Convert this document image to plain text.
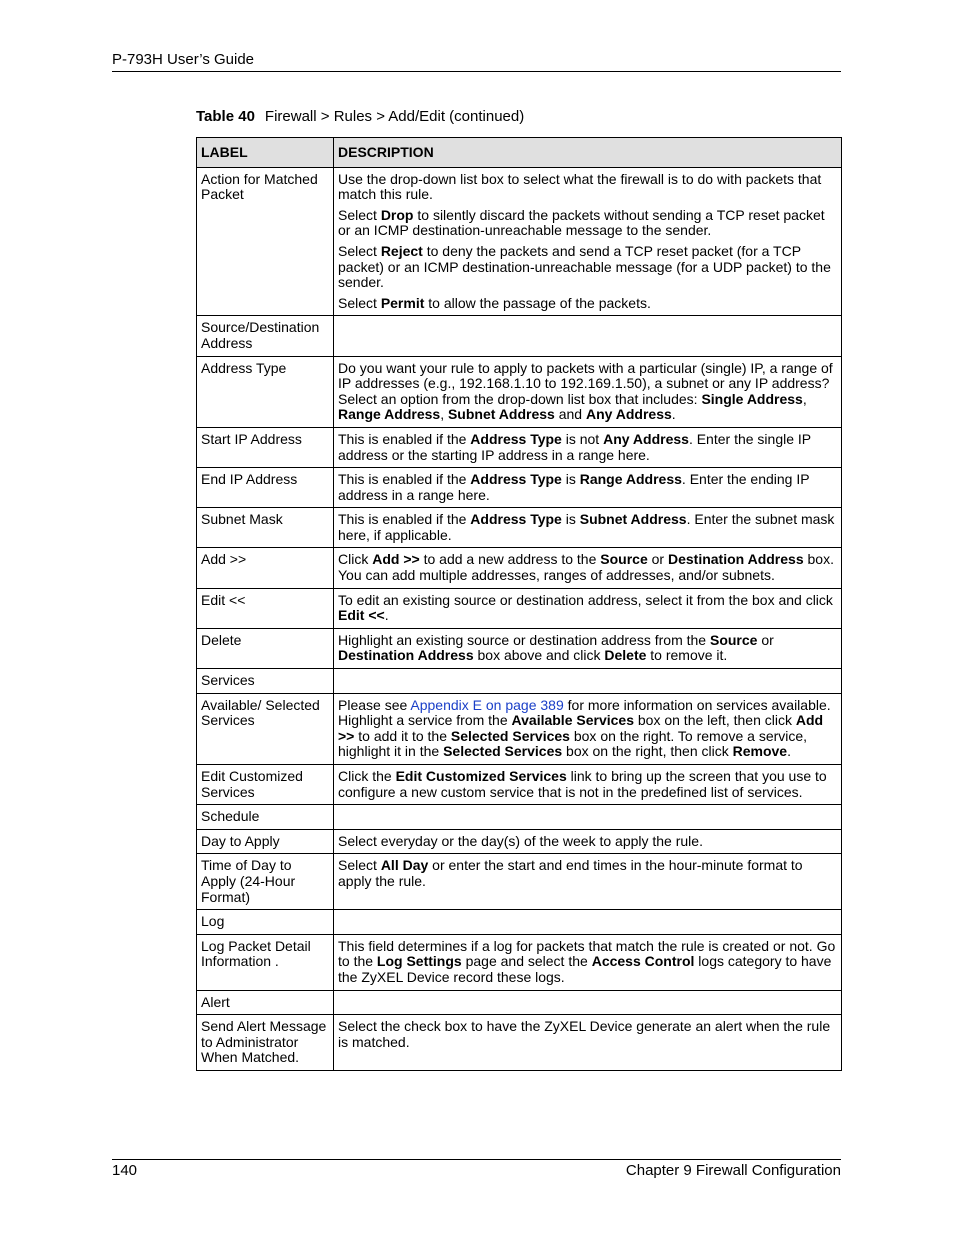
P-793H User’s Guide
Table 40 Firewall > Rules > Add/Edit (continued)
LABEL	DESCRIPTION
Action for Matched Packet	Use the drop-down list box to select what the firewall is to do with packets that match this rule.

Select Drop to silently discard the packets without sending a TCP reset packet or an ICMP destination-unreachable message to the sender.

Select Reject to deny the packets and send a TCP reset packet (for a TCP packet) or an ICMP destination-unreachable message (for a UDP packet) to the sender.

Select Permit to allow the passage of the packets.

Source/Destination Address	
Address Type	Do you want your rule to apply to packets with a particular (single) IP, a range of IP addresses (e.g., 192.168.1.10 to 192.169.1.50), a subnet or any IP address? Select an option from the drop-down list box that includes: Single Address, Range Address, Subnet Address and Any Address.

Start IP Address	This is enabled if the Address Type is not Any Address. Enter the single IP address or the starting IP address in a range here.

End IP Address	This is enabled if the Address Type is Range Address. Enter the ending IP address in a range here.

Subnet Mask	This is enabled if the Address Type is Subnet Address. Enter the subnet mask here, if applicable.

Add >>	Click Add >> to add a new address to the Source or Destination Address box. You can add multiple addresses, ranges of addresses, and/or subnets.

Edit <<	To edit an existing source or destination address, select it from the box and click Edit <<.

Delete	Highlight an existing source or destination address from the Source or Destination Address box above and click Delete to remove it.

Services	
Available/ Selected Services	Please see Appendix E on page 389 for more information on services available. Highlight a service from the Available Services box on the left, then click Add >> to add it to the Selected Services box on the right. To remove a service, highlight it in the Selected Services box on the right, then click Remove.

Edit Customized Services	Click the Edit Customized Services link to bring up the screen that you use to configure a new custom service that is not in the predefined list of services.

Schedule	
Day to Apply	Select everyday or the day(s) of the week to apply the rule.

Time of Day to Apply (24-Hour Format)	Select All Day or enter the start and end times in the hour-minute format to apply the rule.

Log	
Log Packet Detail Information .	This field determines if a log for packets that match the rule is created or not. Go to the Log Settings page and select the Access Control logs category to have the ZyXEL Device record these logs.

Alert	
Send Alert Message to Administrator When Matched.	Select the check box to have the ZyXEL Device generate an alert when the rule is matched.

140	Chapter 9 Firewall Configuration
